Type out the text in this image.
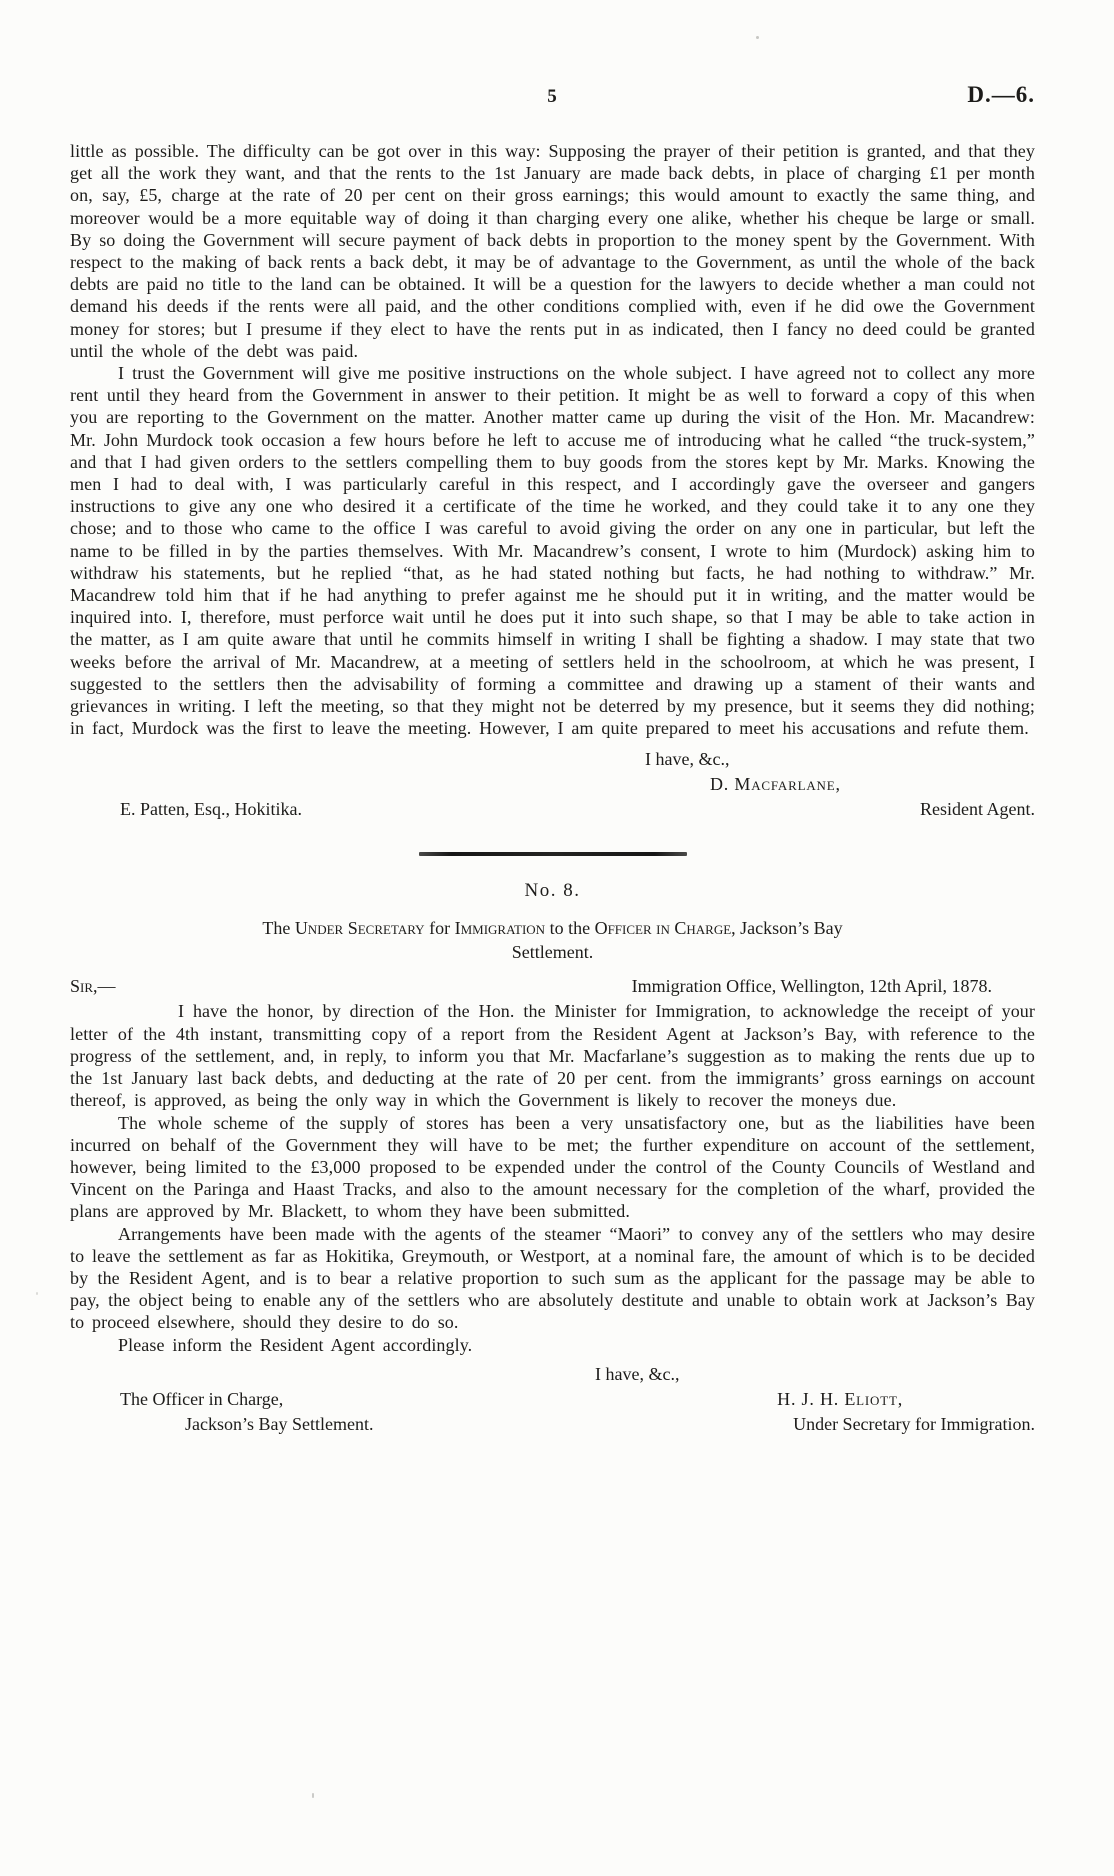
5	D.—6.

little as possible. The difficulty can be got over in this way: Supposing the prayer of their petition is granted, and that they get all the work they want, and that the rents to the 1st January are made back debts, in place of charging £1 per month on, say, £5, charge at the rate of 20 per cent on their gross earnings; this would amount to exactly the same thing, and moreover would be a more equitable way of doing it than charging every one alike, whether his cheque be large or small. By so doing the Government will secure payment of back debts in proportion to the money spent by the Government. With respect to the making of back rents a back debt, it may be of advantage to the Government, as until the whole of the back debts are paid no title to the land can be obtained. It will be a question for the lawyers to decide whether a man could not demand his deeds if the rents were all paid, and the other conditions complied with, even if he did owe the Government money for stores; but I presume if they elect to have the rents put in as indicated, then I fancy no deed could be granted until the whole of the debt was paid.

I trust the Government will give me positive instructions on the whole subject. I have agreed not to collect any more rent until they heard from the Government in answer to their petition. It might be as well to forward a copy of this when you are reporting to the Government on the matter. Another matter came up during the visit of the Hon. Mr. Macandrew: Mr. John Murdock took occasion a few hours before he left to accuse me of introducing what he called “the truck-system,” and that I had given orders to the settlers compelling them to buy goods from the stores kept by Mr. Marks. Knowing the men I had to deal with, I was particularly careful in this respect, and I accordingly gave the overseer and gangers instructions to give any one who desired it a certificate of the time he worked, and they could take it to any one they chose; and to those who came to the office I was careful to avoid giving the order on any one in particular, but left the name to be filled in by the parties themselves. With Mr. Macandrew’s consent, I wrote to him (Murdock) asking him to withdraw his statements, but he replied “that, as he had stated nothing but facts, he had nothing to withdraw.” Mr. Macandrew told him that if he had anything to prefer against me he should put it in writing, and the matter would be inquired into. I, therefore, must perforce wait until he does put it into such shape, so that I may be able to take action in the matter, as I am quite aware that until he commits himself in writing I shall be fighting a shadow. I may state that two weeks before the arrival of Mr. Macandrew, at a meeting of settlers held in the schoolroom, at which he was present, I suggested to the settlers then the advisability of forming a committee and drawing up a stament of their wants and grievances in writing. I left the meeting, so that they might not be deterred by my presence, but it seems they did nothing; in fact, Murdock was the first to leave the meeting. However, I am quite prepared to meet his accusations and refute them.

I have, &c.,
D. Macfarlane,
E. Patten, Esq., Hokitika.	Resident Agent.
No. 8.
The Under Secretary for Immigration to the Officer in Charge, Jackson’s Bay
Settlement.
Sir,—	Immigration Office, Wellington, 12th April, 1878.

I have the honor, by direction of the Hon. the Minister for Immigration, to acknowledge the receipt of your letter of the 4th instant, transmitting copy of a report from the Resident Agent at Jackson’s Bay, with reference to the progress of the settlement, and, in reply, to inform you that Mr. Macfarlane’s suggestion as to making the rents due up to the 1st January last back debts, and deducting at the rate of 20 per cent. from the immigrants’ gross earnings on account thereof, is approved, as being the only way in which the Government is likely to recover the moneys due.

The whole scheme of the supply of stores has been a very unsatisfactory one, but as the liabilities have been incurred on behalf of the Government they will have to be met; the further expenditure on account of the settlement, however, being limited to the £3,000 proposed to be expended under the control of the County Councils of Westland and Vincent on the Paringa and Haast Tracks, and also to the amount necessary for the completion of the wharf, provided the plans are approved by Mr. Blackett, to whom they have been submitted.

Arrangements have been made with the agents of the steamer “Maori” to convey any of the settlers who may desire to leave the settlement as far as Hokitika, Greymouth, or Westport, at a nominal fare, the amount of which is to be decided by the Resident Agent, and is to bear a relative proportion to such sum as the applicant for the passage may be able to pay, the object being to enable any of the settlers who are absolutely destitute and unable to obtain work at Jackson’s Bay to proceed elsewhere, should they desire to do so.

Please inform the Resident Agent accordingly.

I have, &c.,
The Officer in Charge,	H. J. H. Eliott,
Jackson’s Bay Settlement.	Under Secretary for Immigration.
